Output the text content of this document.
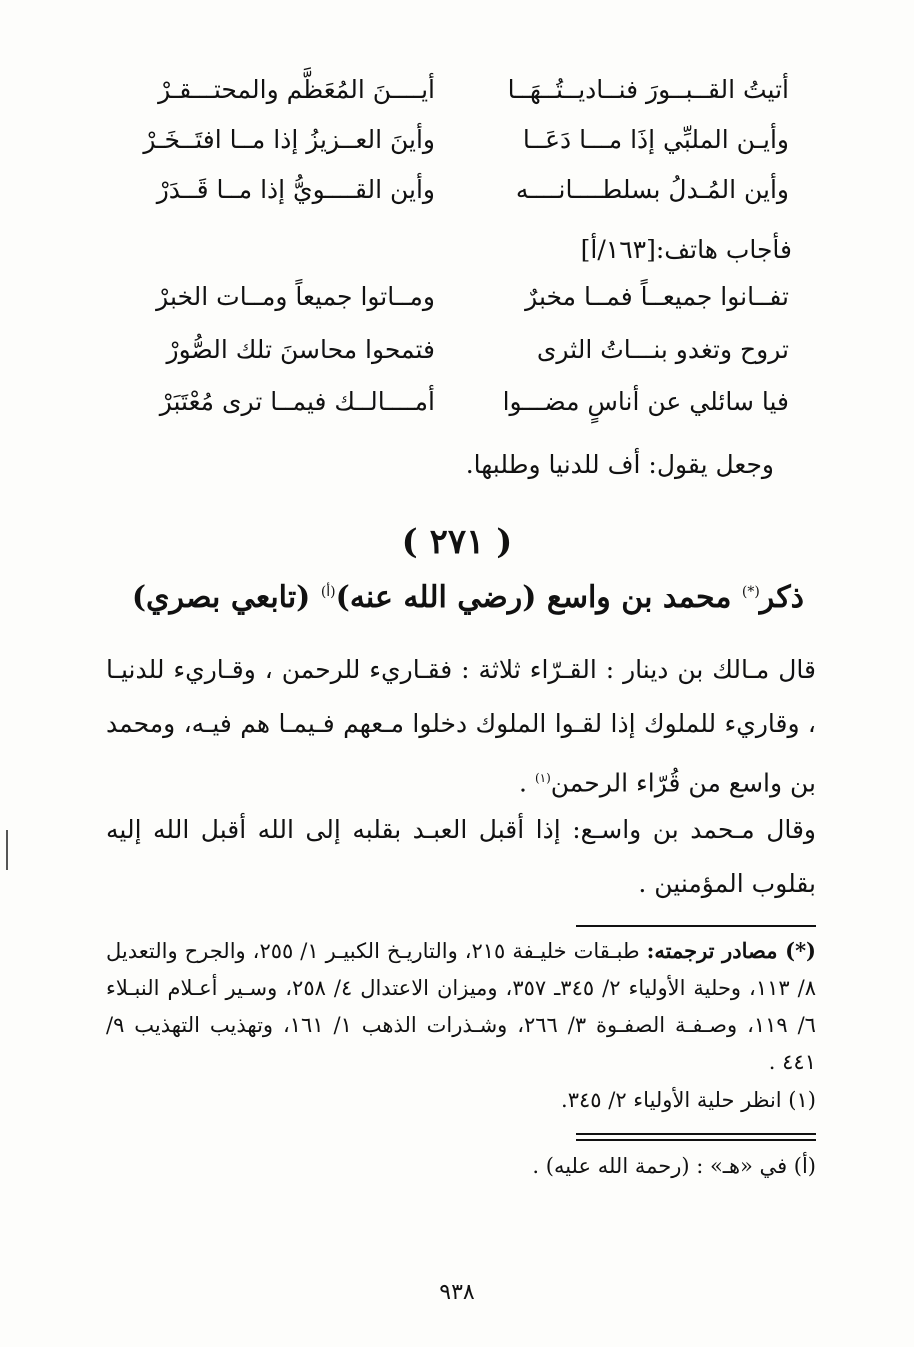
أتيتُ القــبــورَ فنــاديــتُــهَــا
أيــــنَ المُعَظَّم والمحتـــقـرْ
وأيـن الملبِّي إذَا مـــا دَعَــا
وأينَ العــزيزُ إذا مــا افتَــخَـرْ
وأين المُـدلُ بسلطــــانــــه
وأين القــــويُّ إذا مــا قَــدَرْ
فأجاب هاتف:[١٦٣/أ]
تفــانوا جميعــاً فمــا مخبرٌ
ومــاتوا جميعاً ومــات الخبرْ
تروح وتغدو بنـــاتُ الثرى
فتمحوا محاسنَ تلك الصُّورْ
فيا سائلي عن أناسٍ مضـــوا
أمــــالــك فيمــا ترى مُعْتَبَرْ
وجعل يقول: أف للدنيا وطلبها.
( ٢٧١ )
ذكر(*) محمد بن واسع (رضي الله عنه)$^{(أ)}$ (تابعي بصري)
قال مـالك بن دينار : القـرّاء ثلاثة : فقـاريء للرحمن ، وقـاريء للدنيـا ، وقاريء للملوك إذا لقـوا الملوك دخلوا مـعهم فـيمـا هم فيـه، ومحمد بن واسع من قُرّاء الرحمن$^{(١)}$ .
وقال مـحمد بن واسـع: إذا أقبل العبـد بقلبه إلى الله أقبل الله إليه بقلوب المؤمنين .
(*) مصادر ترجمته: طبـقات خليـفة ٢١٥، والتاريـخ الكبيـر ١/ ٢٥٥، والجرح والتعديل ٨/ ١١٣، وحلية الأولياء ٢/ ٣٤٥ـ ٣٥٧، وميزان الاعتدال ٤/ ٢٥٨، وسـير أعـلام النبـلاء ٦/ ١١٩، وصـفـة الصفـوة ٣/ ٢٦٦، وشـذرات الذهب ١/ ١٦١، وتهذيب التهذيب ٩/ ٤٤١ .
(١) انظر حلية الأولياء ٢/ ٣٤٥.
(أ) في «هـ» : (رحمة الله عليه) .
٩٣٨
